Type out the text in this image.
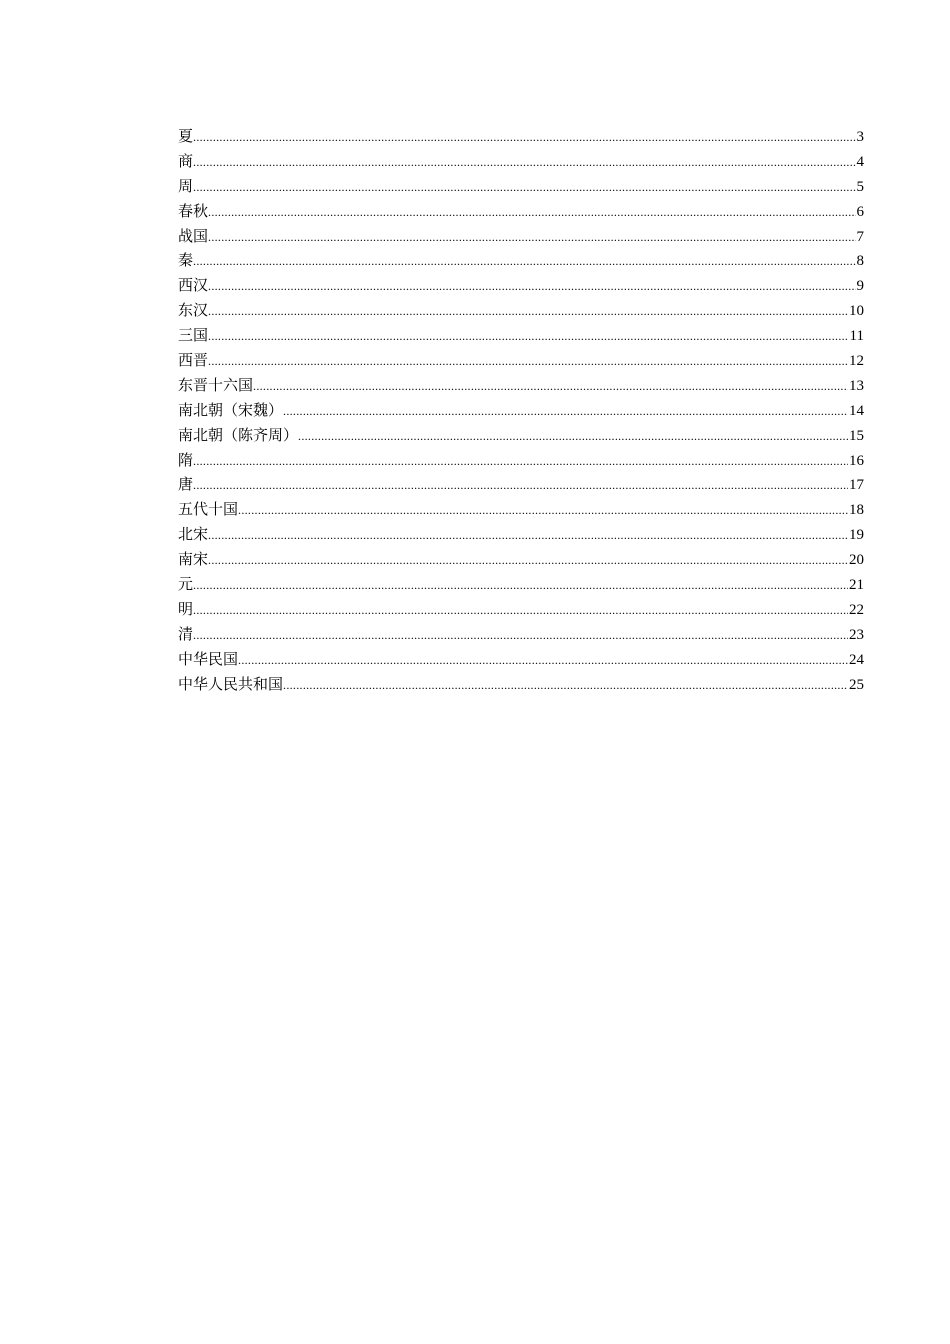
夏 .....	3
商 .....	4
周 .....	5
春秋 .....	6
战国 .....	7
秦 .....	8
西汉 .....	9
东汉 .....	10
三国 .....	11
西晋 .....	12
东晋十六国 .....	13
南北朝（宋魏） .....	14
南北朝（陈齐周） .....	15
隋 .....	16
唐 .....	17
五代十国 .....	18
北宋 .....	19
南宋 .....	20
元 .....	21
明 .....	22
清 .....	23
中华民国 .....	24
中华人民共和国 .....	25
